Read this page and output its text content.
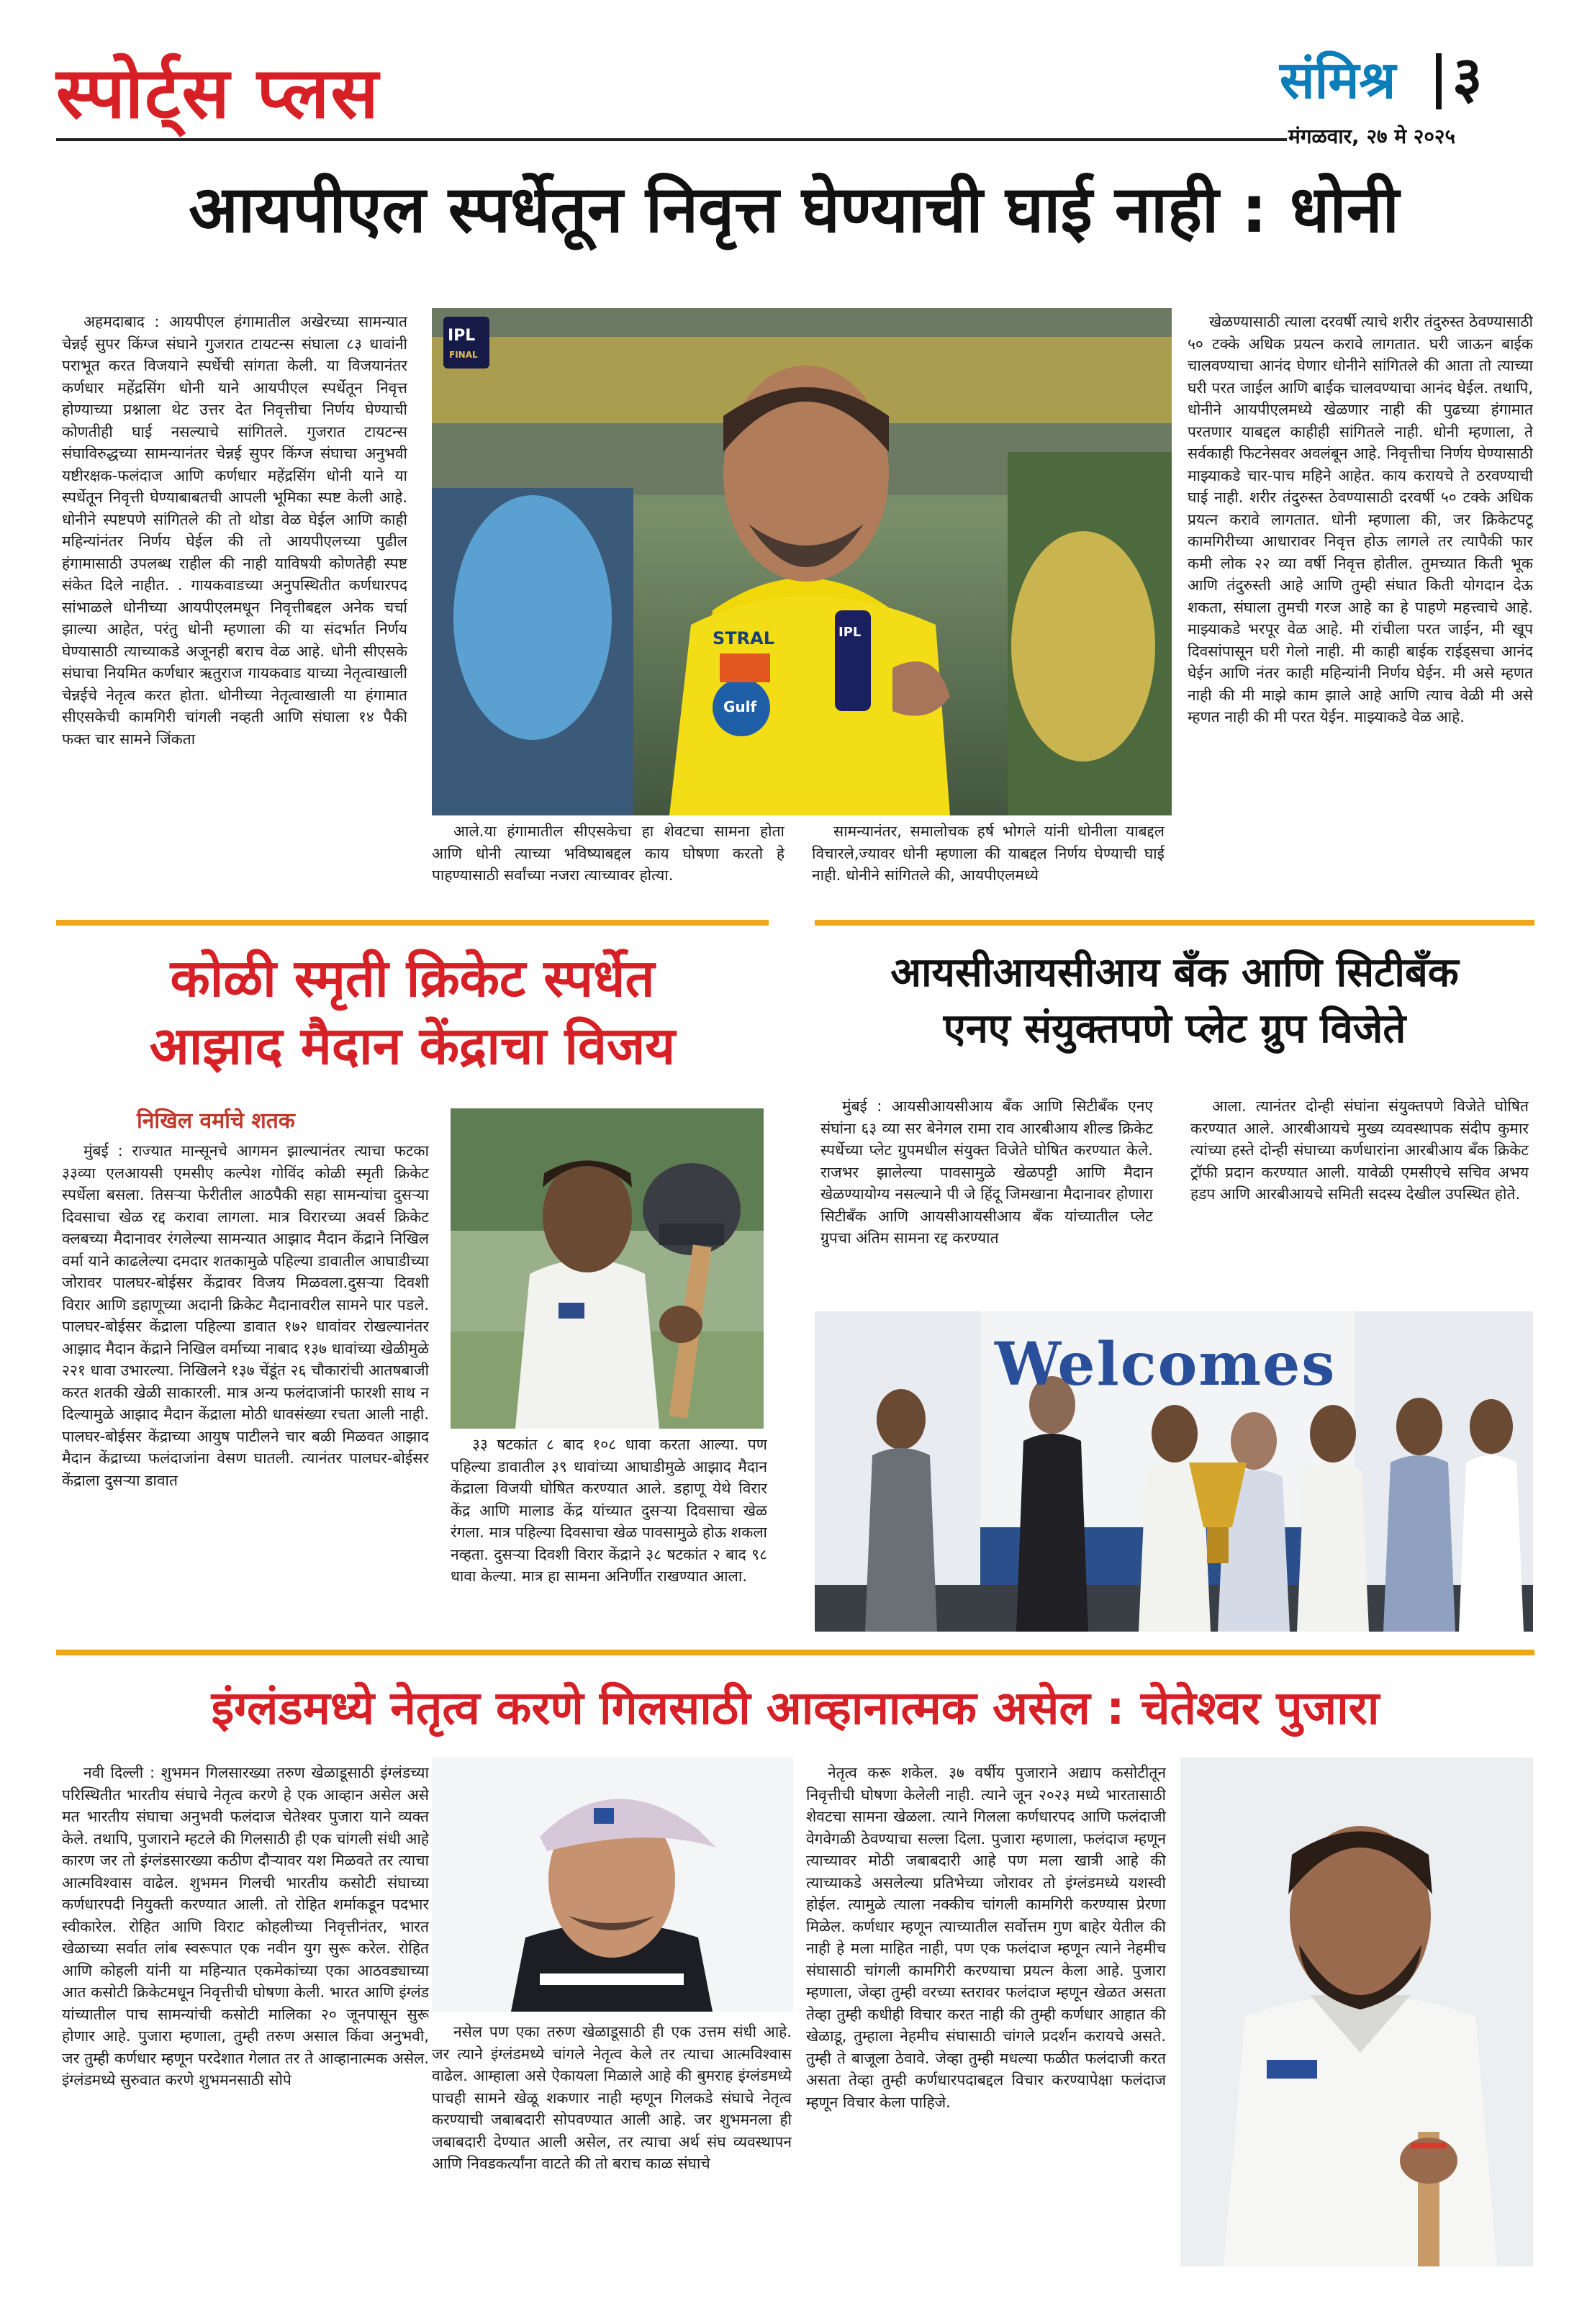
स्पोर्ट्स प्लस	संमिश्र ३
मंगळवार, २७ मे २०२५
आयपीएल स्पर्धेतून निवृत्त घेण्याची घाई नाही : धोनी
अहमदाबाद : आयपीएल हंगामातील अखेरच्या सामन्यात चेन्नई सुपर किंग्ज संघाने गुजरात टायटन्स संघाला ८३ धावांनी पराभूत करत विजयाने स्पर्धेची सांगता केली. या विजयानंतर कर्णधार महेंद्रसिंग धोनी याने आयपीएल स्पर्धेतून निवृत्त होण्याच्या प्रश्नाला थेट उत्तर देत निवृत्तीचा निर्णय घेण्याची कोणतीही घाई नसल्याचे सांगितले. गुजरात टायटन्स संघाविरुद्धच्या सामन्यानंतर चेन्नई सुपर किंग्ज संघाचा अनुभवी यष्टीरक्षक-फलंदाज आणि कर्णधार महेंद्रसिंग धोनी याने या स्पर्धेतून निवृत्ती घेण्याबाबतची आपली भूमिका स्पष्ट केली आहे. धोनीने स्पष्टपणे सांगितले की तो थोडा वेळ घेईल आणि काही महिन्यांनंतर निर्णय घेईल की तो आयपीएलच्या पुढील हंगामासाठी उपलब्ध राहील की नाही याविषयी कोणतेही स्पष्ट संकेत दिले नाहीत. . गायकवाडच्या अनुपस्थितीत कर्णधारपद सांभाळले धोनीच्या आयपीएलमधून निवृत्तीबद्दल अनेक चर्चा झाल्या आहेत, परंतु धोनी म्हणाला की या संदर्भात निर्णय घेण्यासाठी त्याच्याकडे अजूनही बराच वेळ आहे. धोनी सीएसके संघाचा नियमित कर्णधार ऋतुराज गायकवाड याच्या नेतृत्वाखाली चेन्नईचे नेतृत्व करत होता. धोनीच्या नेतृत्वाखाली या हंगामात सीएसकेची कामगिरी चांगली नव्हती आणि संघाला १४ पैकी फक्त चार सामने जिंकता
IPL
FINAL
IPL
STRAL
Gulf
आले.या हंगामातील सीएसकेचा हा शेवटचा सामना होता आणि धोनी त्याच्या भविष्याबद्दल काय घोषणा करतो हे पाहण्यासाठी सर्वांच्या नजरा त्याच्यावर होत्या.
सामन्यानंतर, समालोचक हर्ष भोगले यांनी धोनीला याबद्दल विचारले,ज्यावर धोनी म्हणाला की याबद्दल निर्णय घेण्याची घाई नाही. धोनीने सांगितले की, आयपीएलमध्ये
खेळण्यासाठी त्याला दरवर्षी त्याचे शरीर तंदुरुस्त ठेवण्यासाठी ५० टक्के अधिक प्रयत्न करावे लागतात. घरी जाऊन बाईक चालवण्याचा आनंद घेणार धोनीने सांगितले की आता तो त्याच्या घरी परत जाईल आणि बाईक चालवण्याचा आनंद घेईल. तथापि, धोनीने आयपीएलमध्ये खेळणार नाही की पुढच्या हंगामात परतणार याबद्दल काहीही सांगितले नाही. धोनी म्हणाला, ते सर्वकाही फिटनेसवर अवलंबून आहे. निवृत्तीचा निर्णय घेण्यासाठी माझ्याकडे चार-पाच महिने आहेत. काय करायचे ते ठरवण्याची घाई नाही. शरीर तंदुरुस्त ठेवण्यासाठी दरवर्षी ५० टक्के अधिक प्रयत्न करावे लागतात. धोनी म्हणाला की, जर क्रिकेटपटू कामगिरीच्या आधारावर निवृत्त होऊ लागले तर त्यापैकी फार कमी लोक २२ व्या वर्षी निवृत्त होतील. तुमच्यात किती भूक आणि तंदुरुस्ती आहे आणि तुम्ही संघात किती योगदान देऊ शकता, संघाला तुमची गरज आहे का हे पाहणे महत्त्वाचे आहे. माझ्याकडे भरपूर वेळ आहे. मी रांचीला परत जाईन, मी खूप दिवसांपासून घरी गेलो नाही. मी काही बाईक राईड्सचा आनंद घेईन आणि नंतर काही महिन्यांनी निर्णय घेईन. मी असे म्हणत नाही की मी माझे काम झाले आहे आणि त्याच वेळी मी असे म्हणत नाही की मी परत येईन. माझ्याकडे वेळ आहे.
कोळी स्मृती क्रिकेट स्पर्धेत
आझाद मैदान केंद्राचा विजय
निखिल वर्माचे शतक
मुंबई : राज्यात मान्सूनचे आगमन झाल्यानंतर त्याचा फटका ३३व्या एलआयसी एमसीए कल्पेश गोविंद कोळी स्मृती क्रिकेट स्पर्धेला बसला. तिसऱ्या फेरीतील आठपैकी सहा सामन्यांचा दुसऱ्या दिवसाचा खेळ रद्द करावा लागला. मात्र विरारच्या अवर्स क्रिकेट क्लबच्या मैदानावर रंगलेल्या सामन्यात आझाद मैदान केंद्राने निखिल वर्मा याने काढलेल्या दमदार शतकामुळे पहिल्या डावातील आघाडीच्या जोरावर पालघर-बोईसर केंद्रावर विजय मिळवला.दुसऱ्या दिवशी विरार आणि डहाणूच्या अदानी क्रिकेट मैदानावरील सामने पार पडले. पालघर-बोईसर केंद्राला पहिल्या डावात १७२ धावांवर रोखल्यानंतर आझाद मैदान केंद्राने निखिल वर्माच्या नाबाद १३७ धावांच्या खेळीमुळे २२१ धावा उभारल्या. निखिलने १३७ चेंडूंत २६ चौकारांची आतषबाजी करत शतकी खेळी साकारली. मात्र अन्य फलंदाजांनी फारशी साथ न दिल्यामुळे आझाद मैदान केंद्राला मोठी धावसंख्या रचता आली नाही. पालघर-बोईसर केंद्राच्या आयुष पाटीलने चार बळी मिळवत आझाद मैदान केंद्राच्या फलंदाजांना वेसण घातली. त्यानंतर पालघर-बोईसर केंद्राला दुसऱ्या डावात
३३ षटकांत ८ बाद १०८ धावा करता आल्या. पण पहिल्या डावातील ३९ धावांच्या आघाडीमुळे आझाद मैदान केंद्राला विजयी घोषित करण्यात आले. डहाणू येथे विरार केंद्र आणि मालाड केंद्र यांच्यात दुसऱ्या दिवसाचा खेळ रंगला. मात्र पहिल्या दिवसाचा खेळ पावसामुळे होऊ शकला नव्हता. दुसऱ्या दिवशी विरार केंद्राने ३८ षटकांत २ बाद ९८ धावा केल्या. मात्र हा सामना अनिर्णीत राखण्यात आला.
आयसीआयसीआय बँक आणि सिटीबँक
एनए संयुक्तपणे प्लेट ग्रुप विजेते
मुंबई : आयसीआयसीआय बँक आणि सिटीबँक एनए संघांना ६३ व्या सर बेनेगल रामा राव आरबीआय शील्ड क्रिकेट स्पर्धेच्या प्लेट ग्रुपमधील संयुक्त विजेते घोषित करण्यात केले. राजभर झालेल्या पावसामुळे खेळपट्टी आणि मैदान खेळण्यायोग्य नसल्याने पी जे हिंदू जिमखाना मैदानावर होणारा सिटीबँक आणि आयसीआयसीआय बँक यांच्यातील प्लेट ग्रुपचा अंतिम सामना रद्द करण्यात
आला. त्यानंतर दोन्ही संघांना संयुक्तपणे विजेते घोषित करण्यात आले. आरबीआयचे मुख्य व्यवस्थापक संदीप कुमार त्यांच्या हस्ते दोन्ही संघाच्या कर्णधारांना आरबीआय बँक क्रिकेट ट्रॉफी प्रदान करण्यात आली. यावेळी एमसीएचे सचिव अभय हडप आणि आरबीआयचे समिती सदस्य देखील उपस्थित होते.
Welcomes
इंग्लंडमध्ये नेतृत्व करणे गिलसाठी आव्हानात्मक असेल : चेतेश्वर पुजारा
नवी दिल्ली : शुभमन गिलसारख्या तरुण खेळाडूसाठी इंग्लंडच्या परिस्थितीत भारतीय संघाचे नेतृत्व करणे हे एक आव्हान असेल असे मत भारतीय संघाचा अनुभवी फलंदाज चेतेश्वर पुजारा याने व्यक्त केले. तथापि, पुजाराने म्हटले की गिलसाठी ही एक चांगली संधी आहे कारण जर तो इंग्लंडसारख्या कठीण दौऱ्यावर यश मिळवते तर त्याचा आत्मविश्वास वाढेल. शुभमन गिलची भारतीय कसोटी संघाच्या कर्णधारपदी नियुक्ती करण्यात आली. तो रोहित शर्माकडून पदभार स्वीकारेल. रोहित आणि विराट कोहलीच्या निवृत्तीनंतर, भारत खेळाच्या सर्वात लांब स्वरूपात एक नवीन युग सुरू करेल. रोहित आणि कोहली यांनी या महिन्यात एकमेकांच्या एका आठवड्याच्या आत कसोटी क्रिकेटमधून निवृत्तीची घोषणा केली. भारत आणि इंग्लंड यांच्यातील पाच सामन्यांची कसोटी मालिका २० जूनपासून सुरू होणार आहे. पुजारा म्हणाला, तुम्ही तरुण असाल किंवा अनुभवी, जर तुम्ही कर्णधार म्हणून परदेशात गेलात तर ते आव्हानात्मक असेल. इंग्लंडमध्ये सुरुवात करणे शुभमनसाठी सोपे
नसेल पण एका तरुण खेळाडूसाठी ही एक उत्तम संधी आहे. जर त्याने इंग्लंडमध्ये चांगले नेतृत्व केले तर त्याचा आत्मविश्वास वाढेल. आम्हाला असे ऐकायला मिळाले आहे की बुमराह इंग्लंडमध्ये पाचही सामने खेळू शकणार नाही म्हणून गिलकडे संघाचे नेतृत्व करण्याची जबाबदारी सोपवण्यात आली आहे. जर शुभमनला ही जबाबदारी देण्यात आली असेल, तर त्याचा अर्थ संघ व्यवस्थापन आणि निवडकर्त्यांना वाटते की तो बराच काळ संघाचे
नेतृत्व करू शकेल. ३७ वर्षीय पुजाराने अद्याप कसोटीतून निवृत्तीची घोषणा केलेली नाही. त्याने जून २०२३ मध्ये भारतासाठी शेवटचा सामना खेळला. त्याने गिलला कर्णधारपद आणि फलंदाजी वेगवेगळी ठेवण्याचा सल्ला दिला. पुजारा म्हणाला, फलंदाज म्हणून त्याच्यावर मोठी जबाबदारी आहे पण मला खात्री आहे की त्याच्याकडे असलेल्या प्रतिभेच्या जोरावर तो इंग्लंडमध्ये यशस्वी होईल. त्यामुळे त्याला नक्कीच चांगली कामगिरी करण्यास प्रेरणा मिळेल. कर्णधार म्हणून त्याच्यातील सर्वोत्तम गुण बाहेर येतील की नाही हे मला माहित नाही, पण एक फलंदाज म्हणून त्याने नेहमीच संघासाठी चांगली कामगिरी करण्याचा प्रयत्न केला आहे. पुजारा म्हणाला, जेव्हा तुम्ही वरच्या स्तरावर फलंदाज म्हणून खेळत असता तेव्हा तुम्ही कधीही विचार करत नाही की तुम्ही कर्णधार आहात की खेळाडू, तुम्हाला नेहमीच संघासाठी चांगले प्रदर्शन करायचे असते. तुम्ही ते बाजूला ठेवावे. जेव्हा तुम्ही मधल्या फळीत फलंदाजी करत असता तेव्हा तुम्ही कर्णधारपदाबद्दल विचार करण्यापेक्षा फलंदाज म्हणून विचार केला पाहिजे.
